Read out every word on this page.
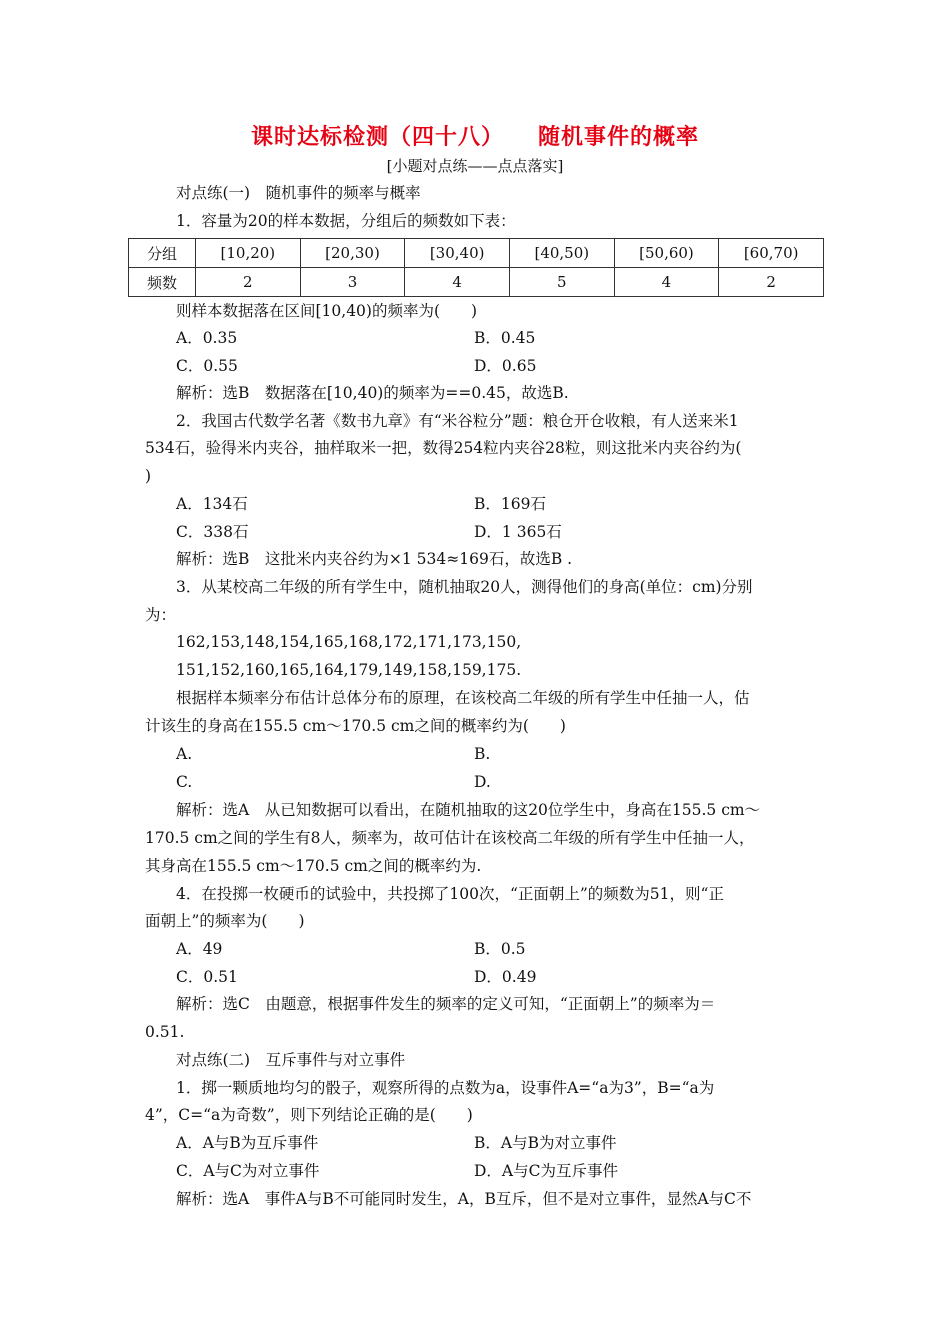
课时达标检测（四十八） 随机事件的概率
[小题对点练——点点落实]
对点练(一)　随机事件的频率与概率
1．容量为20的样本数据，分组后的频数如下表：
分组	[10,20)	[20,30)	[30,40)	[40,50)	[50,60)	[60,70)
频数	2	3	4	5	4	2
则样本数据落在区间[10,40)的频率为(　　)
A．0.35	B．0.45
C．0.55	D．0.65
解析：选B　数据落在[10,40)的频率为==0.45，故选B.
2．我国古代数学名著《数书九章》有“米谷粒分”题：粮仓开仓收粮，有人送来米1
534石，验得米内夹谷，抽样取米一把，数得254粒内夹谷28粒，则这批米内夹谷约为(
)
A．134石	B．169石
C．338石	D．1 365石
解析：选B　这批米内夹谷约为×1 534≈169石，故选B .
3．从某校高二年级的所有学生中，随机抽取20人，测得他们的身高(单位：cm)分别
为：
162,153,148,154,165,168,172,171,173,150,
151,152,160,165,164,179,149,158,159,175.
根据样本频率分布估计总体分布的原理，在该校高二年级的所有学生中任抽一人，估
计该生的身高在155.5 cm～170.5 cm之间的概率约为(　　)
A.	B.
C.	D.
解析：选A　从已知数据可以看出，在随机抽取的这20位学生中，身高在155.5 cm～
170.5 cm之间的学生有8人，频率为，故可估计在该校高二年级的所有学生中任抽一人，
其身高在155.5 cm～170.5 cm之间的概率约为.
4．在投掷一枚硬币的试验中，共投掷了100次，“正面朝上”的频数为51，则“正
面朝上”的频率为(　　)
A．49	B．0.5
C．0.51	D．0.49
解析：选C　由题意，根据事件发生的频率的定义可知，“正面朝上”的频率为＝
0.51.
对点练(二)　互斥事件与对立事件
1．掷一颗质地均匀的骰子，观察所得的点数为a，设事件A=“a为3”，B=“a为
4”，C=“a为奇数”，则下列结论正确的是(　　)
A．A与B为互斥事件	B．A与B为对立事件
C．A与C为对立事件	D．A与C为互斥事件
解析：选A　事件A与B不可能同时发生，A，B互斥，但不是对立事件，显然A与C不
